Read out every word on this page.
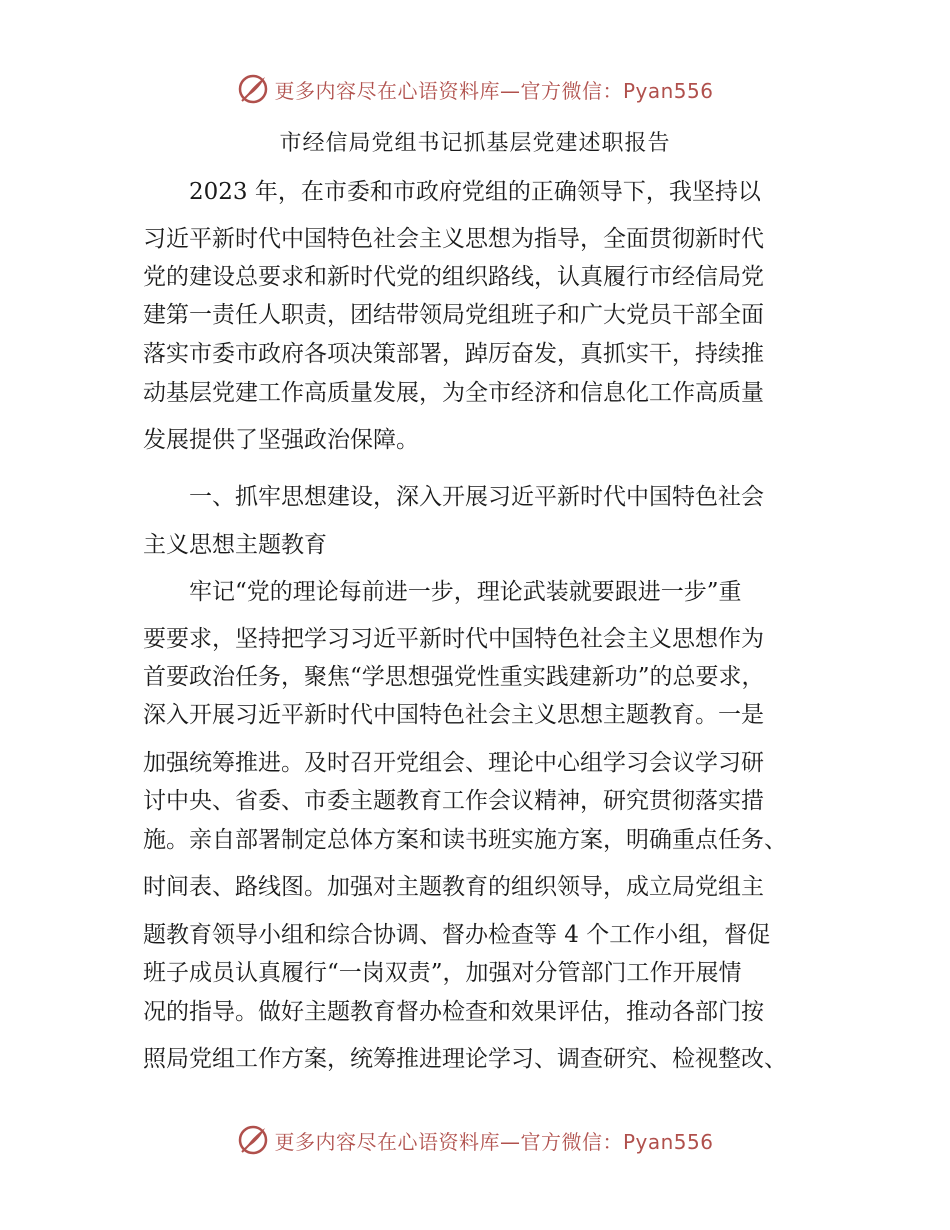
更多内容尽在心语资料库—官方微信：Pyan556
市经信局党组书记抓基层党建述职报告
2023 年，在市委和市政府党组的正确领导下，我坚持以
习近平新时代中国特色社会主义思想为指导，全面贯彻新时代
党的建设总要求和新时代党的组织路线，认真履行市经信局党
建第一责任人职责，团结带领局党组班子和广大党员干部全面
落实市委市政府各项决策部署，踔厉奋发，真抓实干，持续推
动基层党建工作高质量发展，为全市经济和信息化工作高质量
发展提供了坚强政治保障。
一、抓牢思想建设，深入开展习近平新时代中国特色社会
主义思想主题教育
牢记“党的理论每前进一步，理论武装就要跟进一步”重
要要求，坚持把学习习近平新时代中国特色社会主义思想作为
首要政治任务，聚焦“学思想强党性重实践建新功”的总要求，
深入开展习近平新时代中国特色社会主义思想主题教育。一是
加强统筹推进。及时召开党组会、理论中心组学习会议学习研
讨中央、省委、市委主题教育工作会议精神，研究贯彻落实措
施。亲自部署制定总体方案和读书班实施方案，明确重点任务、
时间表、路线图。加强对主题教育的组织领导，成立局党组主
题教育领导小组和综合协调、督办检查等 4 个工作小组，督促
班子成员认真履行“一岗双责”，加强对分管部门工作开展情
况的指导。做好主题教育督办检查和效果评估，推动各部门按
照局党组工作方案，统筹推进理论学习、调查研究、检视整改、
更多内容尽在心语资料库—官方微信：Pyan556
